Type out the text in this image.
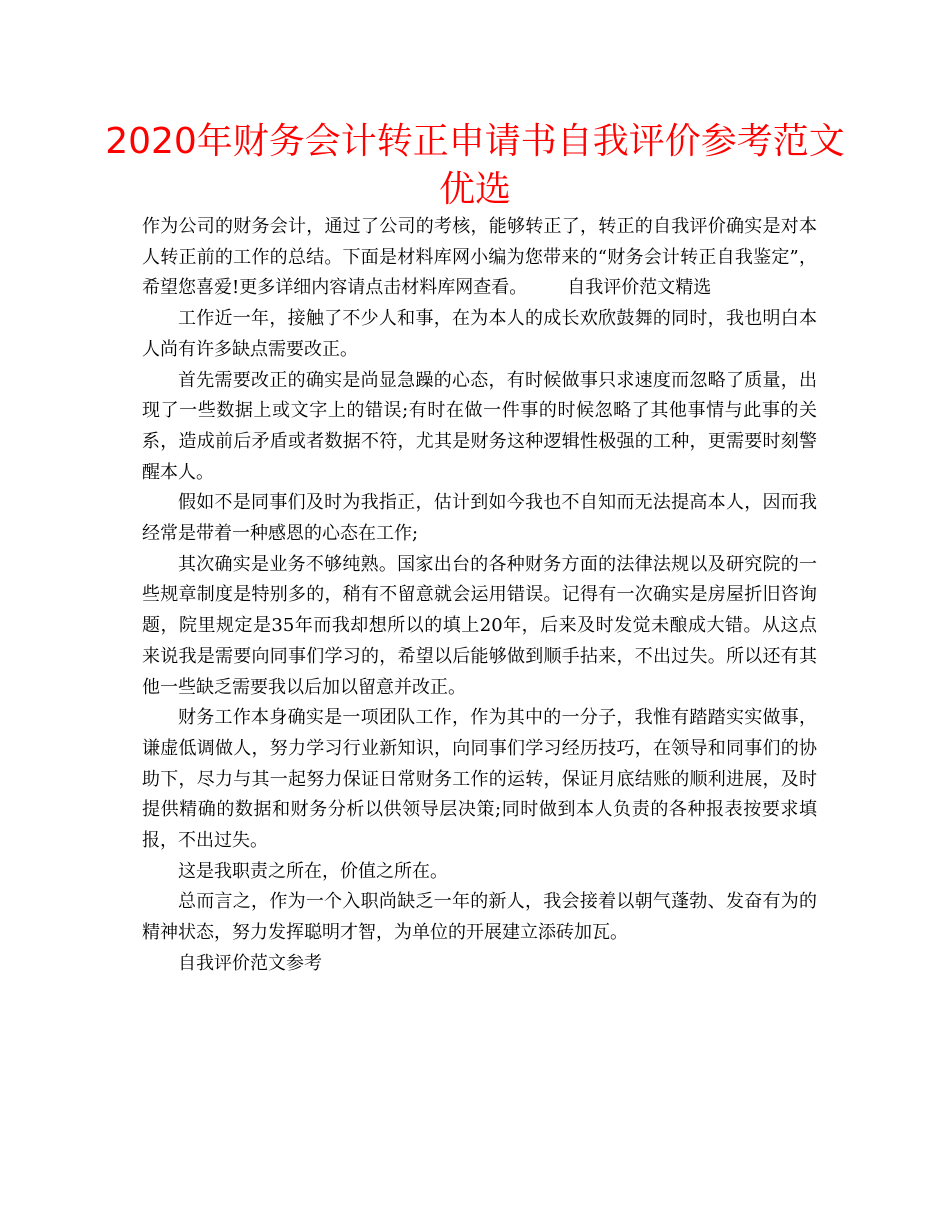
2020年财务会计转正申请书自我评价参考范文优选

作为公司的财务会计，通过了公司的考核，能够转正了，转正的自我评价确实是对本人转正前的工作的总结。下面是材料库网小编为您带来的“财务会计转正自我鉴定”，希望您喜爱!更多详细内容请点击材料库网查看。 自我评价范文精选

工作近一年，接触了不少人和事，在为本人的成长欢欣鼓舞的同时，我也明白本人尚有许多缺点需要改正。

首先需要改正的确实是尚显急躁的心态，有时候做事只求速度而忽略了质量，出现了一些数据上或文字上的错误;有时在做一件事的时候忽略了其他事情与此事的关系，造成前后矛盾或者数据不符，尤其是财务这种逻辑性极强的工种，更需要时刻警醒本人。

假如不是同事们及时为我指正，估计到如今我也不自知而无法提高本人，因而我经常是带着一种感恩的心态在工作;

其次确实是业务不够纯熟。国家出台的各种财务方面的法律法规以及研究院的一些规章制度是特别多的，稍有不留意就会运用错误。记得有一次确实是房屋折旧咨询题，院里规定是35年而我却想所以的填上20年，后来及时发觉未酿成大错。从这点来说我是需要向同事们学习的，希望以后能够做到顺手拈来，不出过失。所以还有其他一些缺乏需要我以后加以留意并改正。

财务工作本身确实是一项团队工作，作为其中的一分子，我惟有踏踏实实做事，谦虚低调做人，努力学习行业新知识，向同事们学习经历技巧，在领导和同事们的协助下，尽力与其一起努力保证日常财务工作的运转，保证月底结账的顺利进展，及时提供精确的数据和财务分析以供领导层决策;同时做到本人负责的各种报表按要求填报，不出过失。

这是我职责之所在，价值之所在。

总而言之，作为一个入职尚缺乏一年的新人，我会接着以朝气蓬勃、发奋有为的精神状态，努力发挥聪明才智，为单位的开展建立添砖加瓦。

自我评价范文参考
